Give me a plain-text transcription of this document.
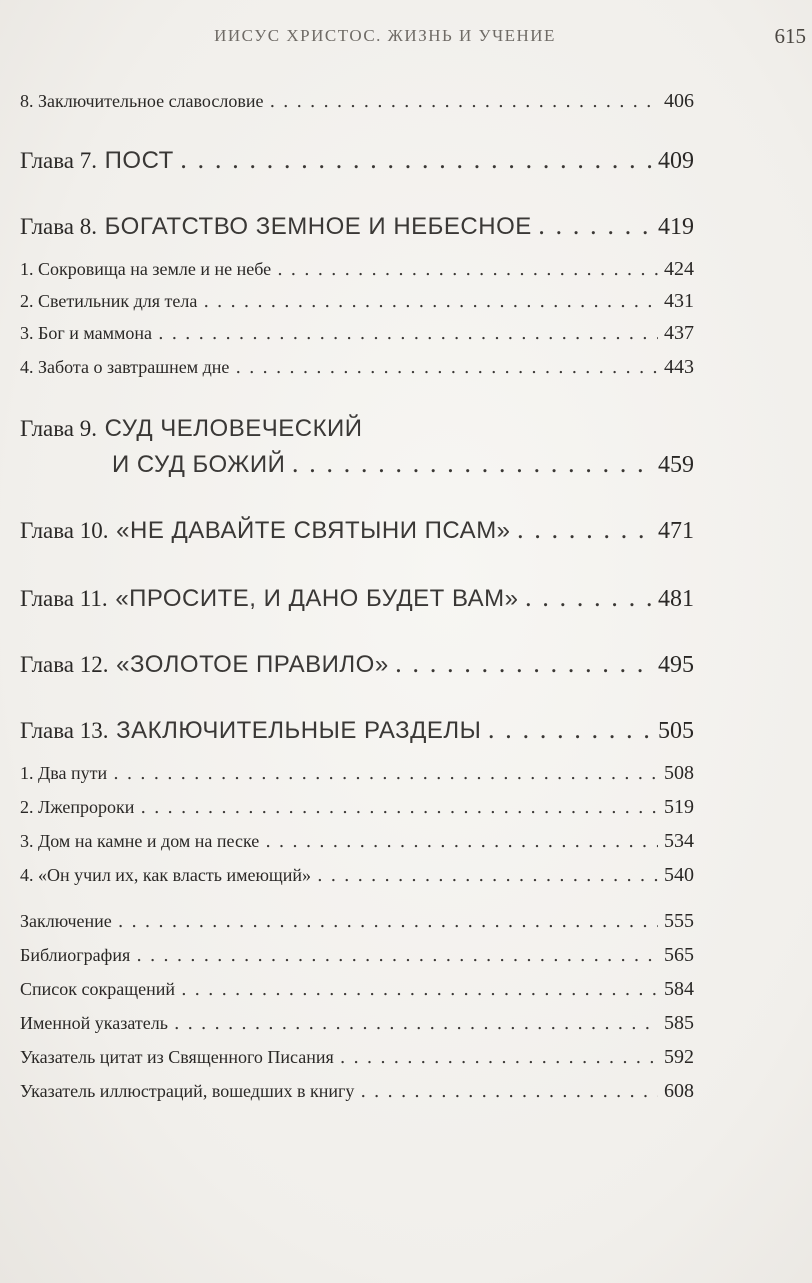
ИИСУС ХРИСТОС. ЖИЗНЬ И УЧЕНИЕ	615
8. Заключительное славословие . . .	406
Глава 7. ПОСТ . . .	409
Глава 8. БОГАТСТВО ЗЕМНОЕ И НЕБЕСНОЕ . . .	419
1. Сокровища на земле и не небе . . .	424
2. Светильник для тела . . .	431
3. Бог и маммона . . .	437
4. Забота о завтрашнем дне . . .	443
Глава 9. СУД ЧЕЛОВЕЧЕСКИЙ
И СУД БОЖИЙ . . .	459
Глава 10. «НЕ ДАВАЙТЕ СВЯТЫНИ ПСАМ» . . .	471
Глава 11. «ПРОСИТЕ, И ДАНО БУДЕТ ВАМ» . . .	481
Глава 12. «ЗОЛОТОЕ ПРАВИЛО» . . .	495
Глава 13. ЗАКЛЮЧИТЕЛЬНЫЕ РАЗДЕЛЫ . . .	505
1. Два пути . . .	508
2. Лжепророки . . .	519
3. Дом на камне и дом на песке . . .	534
4. «Он учил их, как власть имеющий» . . .	540
Заключение . . .	555
Библиография . . .	565
Список сокращений . . .	584
Именной указатель . . .	585
Указатель цитат из Священного Писания . . .	592
Указатель иллюстраций, вошедших в книгу . . .	608
